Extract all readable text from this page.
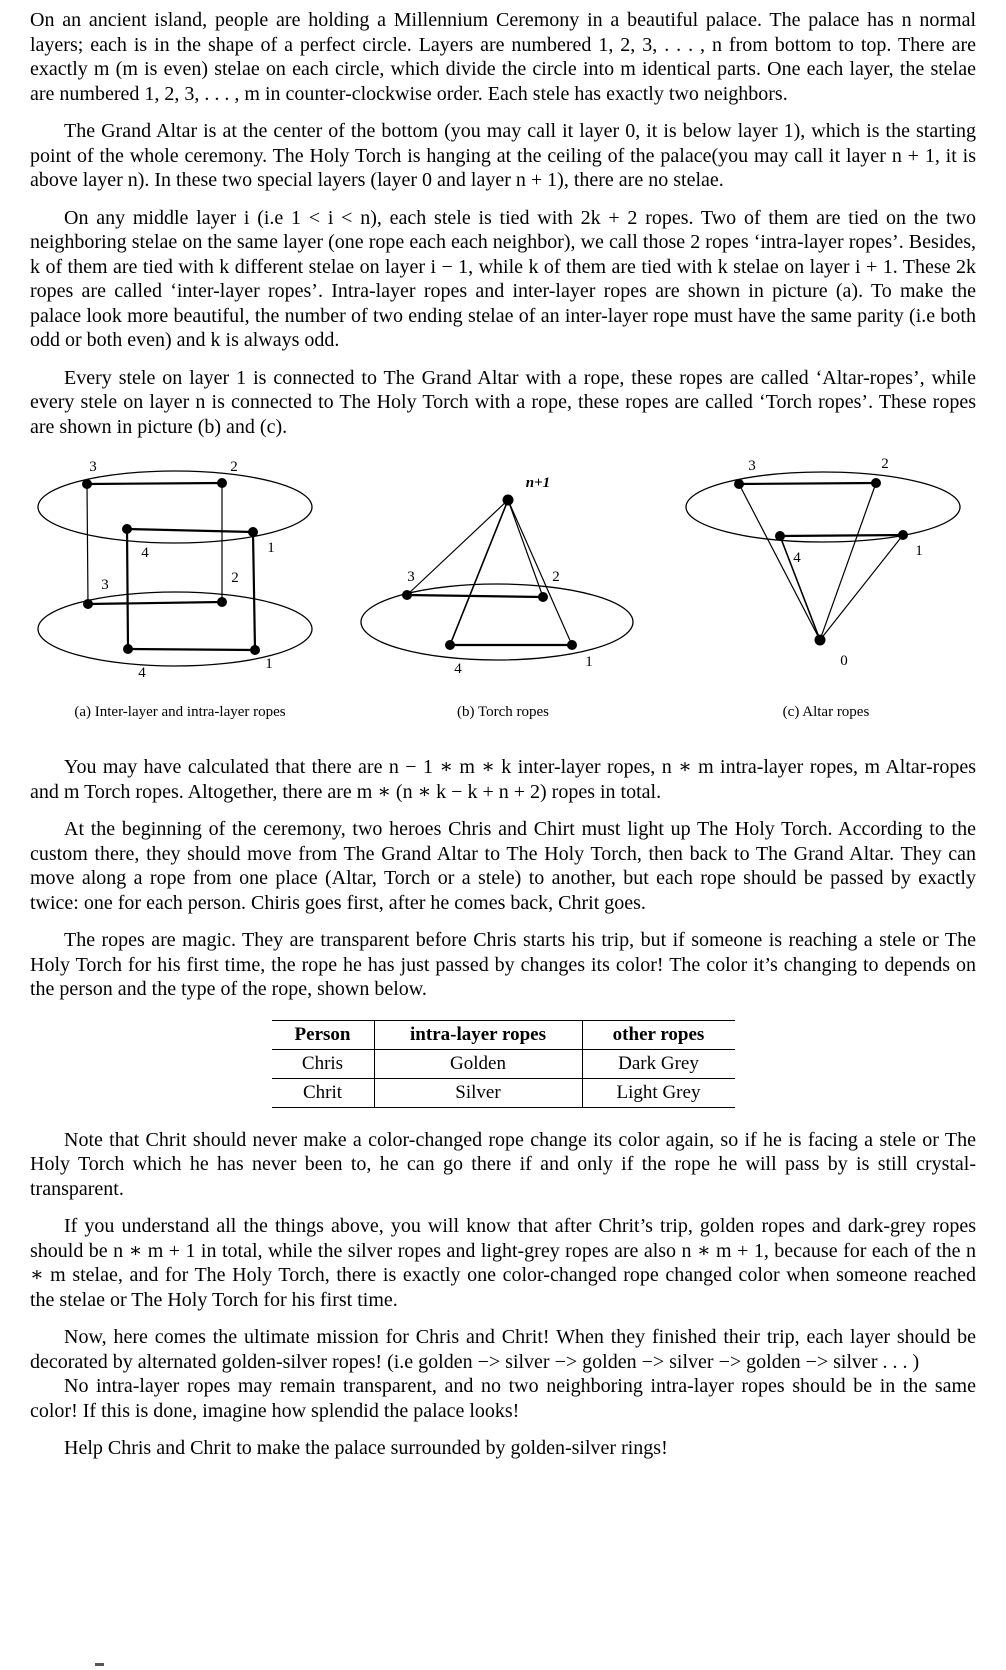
On an ancient island, people are holding a Millennium Ceremony in a beautiful palace. The palace has n normal layers; each is in the shape of a perfect circle. Layers are numbered 1, 2, 3, . . . , n from bottom to top. There are exactly m (m is even) stelae on each circle, which divide the circle into m identical parts. One each layer, the stelae are numbered 1, 2, 3, . . . , m in counter-clockwise order. Each stele has exactly two neighbors.

The Grand Altar is at the center of the bottom (you may call it layer 0, it is below layer 1), which is the starting point of the whole ceremony. The Holy Torch is hanging at the ceiling of the palace(you may call it layer n + 1, it is above layer n). In these two special layers (layer 0 and layer n + 1), there are no stelae.

On any middle layer i (i.e 1 < i < n), each stele is tied with 2k + 2 ropes. Two of them are tied on the two neighboring stelae on the same layer (one rope each each neighbor), we call those 2 ropes ‘intra-layer ropes’. Besides, k of them are tied with k different stelae on layer i − 1, while k of them are tied with k stelae on layer i + 1. These 2k ropes are called ‘inter-layer ropes’. Intra-layer ropes and inter-layer ropes are shown in picture (a). To make the palace look more beautiful, the number of two ending stelae of an inter-layer rope must have the same parity (i.e both odd or both even) and k is always odd.

Every stele on layer 1 is connected to The Grand Altar with a rope, these ropes are called ‘Altar-ropes’, while every stele on layer n is connected to The Holy Torch with a rope, these ropes are called ‘Torch ropes’. These ropes are shown in picture (b) and (c).

3	2
4	1
3	2
4
1
n+1
3	2
4	1
3	2
4	1
0
(a) Inter-layer and intra-layer ropes	(b) Torch ropes	(c) Altar ropes

You may have calculated that there are n − 1 ∗ m ∗ k inter-layer ropes, n ∗ m intra-layer ropes, m Altar-ropes and m Torch ropes. Altogether, there are m ∗ (n ∗ k − k + n + 2) ropes in total.

At the beginning of the ceremony, two heroes Chris and Chirt must light up The Holy Torch. According to the custom there, they should move from The Grand Altar to The Holy Torch, then back to The Grand Altar. They can move along a rope from one place (Altar, Torch or a stele) to another, but each rope should be passed by exactly twice: one for each person. Chiris goes first, after he comes back, Chrit goes.

The ropes are magic. They are transparent before Chris starts his trip, but if someone is reaching a stele or The Holy Torch for his first time, the rope he has just passed by changes its color! The color it’s changing to depends on the person and the type of the rope, shown below.

Person	intra-layer ropes	other ropes
Chris	Golden	Dark Grey
Chrit	Silver	Light Grey

Note that Chrit should never make a color-changed rope change its color again, so if he is facing a stele or The Holy Torch which he has never been to, he can go there if and only if the rope he will pass by is still crystal-transparent.

If you understand all the things above, you will know that after Chrit’s trip, golden ropes and dark-grey ropes should be n ∗ m + 1 in total, while the silver ropes and light-grey ropes are also n ∗ m + 1, because for each of the n ∗ m stelae, and for The Holy Torch, there is exactly one color-changed rope changed color when someone reached the stelae or The Holy Torch for his first time.

Now, here comes the ultimate mission for Chris and Chrit! When they finished their trip, each layer should be decorated by alternated golden-silver ropes! (i.e golden −> silver −> golden −> silver −> golden −> silver . . . )

No intra-layer ropes may remain transparent, and no two neighboring intra-layer ropes should be in the same color! If this is done, imagine how splendid the palace looks!

Help Chris and Chrit to make the palace surrounded by golden-silver rings!
